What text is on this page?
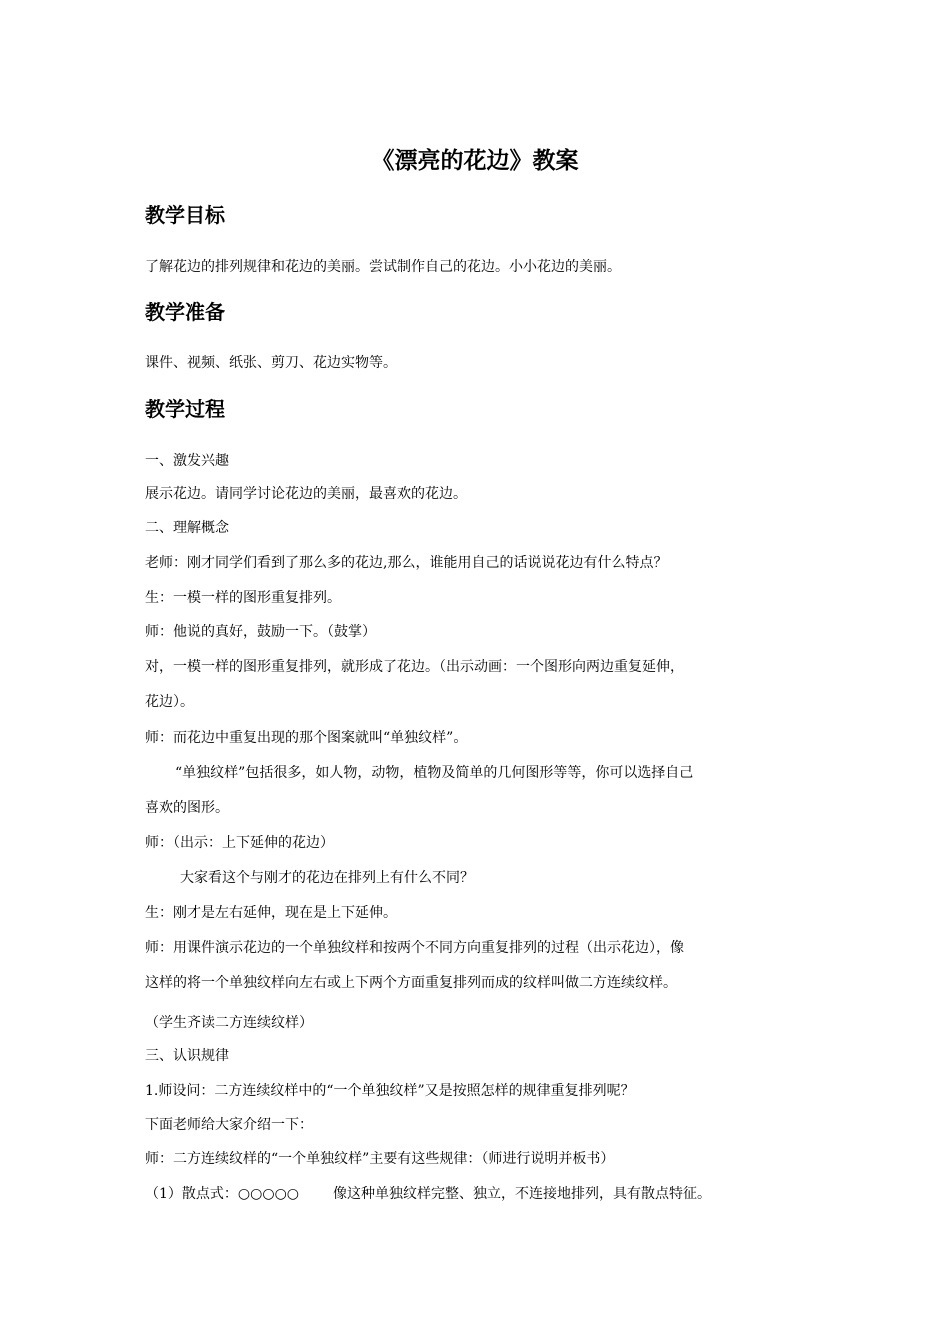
《漂亮的花边》教案
教学目标

了解花边的排列规律和花边的美丽。尝试制作自己的花边。小小花边的美丽。

教学准备

课件、视频、纸张、剪刀、花边实物等。

教学过程

一、激发兴趣

展示花边。请同学讨论花边的美丽，最喜欢的花边。

二、理解概念

老师：刚才同学们看到了那么多的花边,那么，谁能用自己的话说说花边有什么特点？

生：一模一样的图形重复排列。

师：他说的真好，鼓励一下。（鼓掌）

对，一模一样的图形重复排列，就形成了花边。（出示动画：一个图形向两边重复延伸，

花边）。

师：而花边中重复出现的那个图案就叫“单独纹样”。

“单独纹样”包括很多，如人物，动物，植物及简单的几何图形等等，你可以选择自己

喜欢的图形。

师：（出示：上下延伸的花边）

大家看这个与刚才的花边在排列上有什么不同？

生：刚才是左右延伸，现在是上下延伸。

师：用课件演示花边的一个单独纹样和按两个不同方向重复排列的过程（出示花边），像

这样的将一个单独纹样向左右或上下两个方面重复排列而成的纹样叫做二方连续纹样。

（学生齐读二方连续纹样）

三、认识规律

1.师设问：二方连续纹样中的“一个单独纹样”又是按照怎样的规律重复排列呢？

下面老师给大家介绍一下：

师：二方连续纹样的“一个单独纹样”主要有这些规律：（师进行说明并板书）

（1）散点式：○○○○○ 像这种单独纹样完整、独立，不连接地排列，具有散点特征。
